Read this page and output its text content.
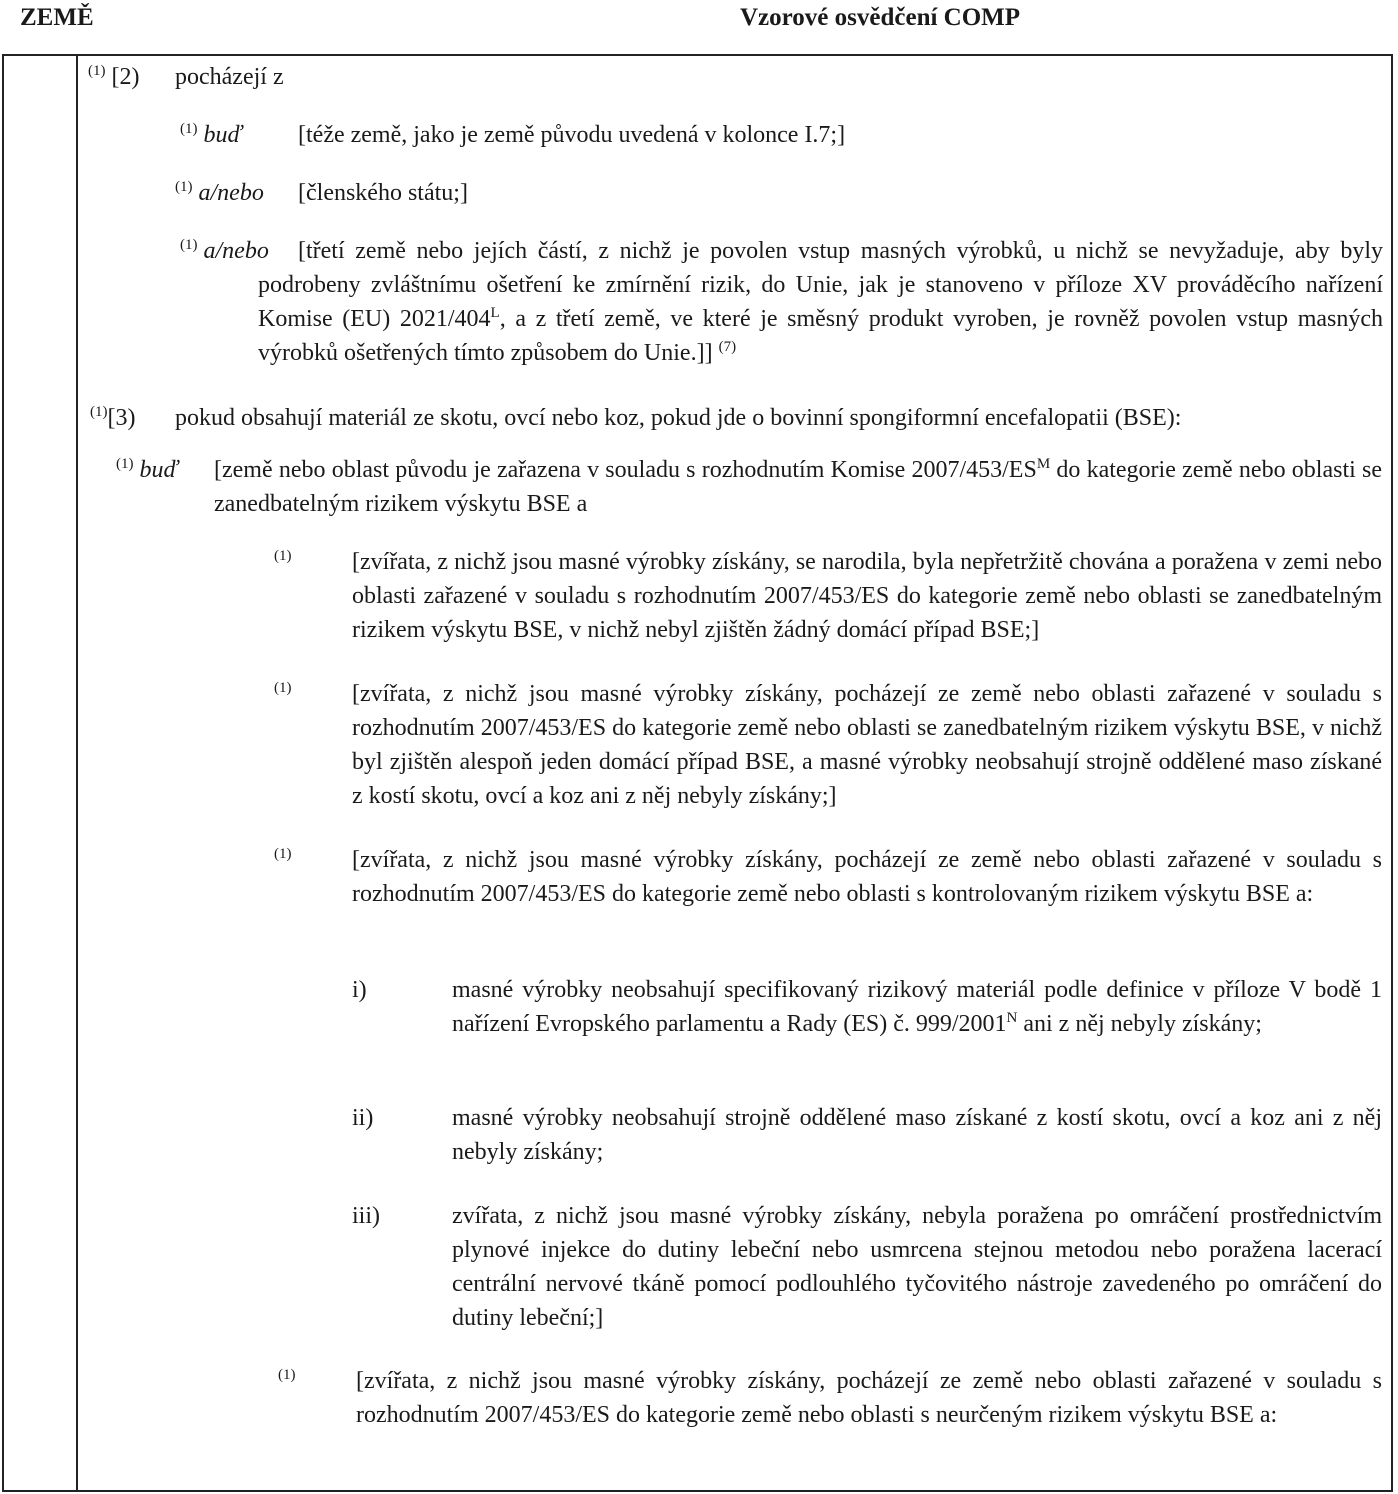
ZEMĚ	Vzorové osvědčení COMP
$^{(1)}$ [2) pocházejí z
$^{(1)}$ buď [téže země, jako je země původu uvedená v kolonce I.7;]
$^{(1)}$ a/nebo [členského státu;]
$^{(1)}$ a/nebo [třetí země nebo jejích částí, z nichž je povolen vstup masných výrobků, u nichž se nevyžaduje, aby byly podrobeny zvláštnímu ošetření ke zmírnění rizik, do Unie, jak je stanoveno v příloze XV prováděcího nařízení Komise (EU) 2021/404$^L$, a z třetí země, ve které je směsný produkt vyroben, je rovněž povolen vstup masných výrobků ošetřených tímto způsobem do Unie.]] $^{(7)}$
$^{(1)}$[3) pokud obsahují materiál ze skotu, ovcí nebo koz, pokud jde o bovinní spongiformní encefalopatii (BSE):
$^{(1)}$ buď [země nebo oblast původu je zařazena v souladu s rozhodnutím Komise 2007/453/ES$^M$ do kategorie země nebo oblasti se zanedbatelným rizikem výskytu BSE a
$^{(1)}$	[zvířata, z nichž jsou masné výrobky získány, se narodila, byla nepřetržitě chována a poražena v zemi nebo oblasti zařazené v souladu s rozhodnutím 2007/453/ES do kategorie země nebo oblasti se zanedbatelným rizikem výskytu BSE, v nichž nebyl zjištěn žádný domácí případ BSE;]
$^{(1)}$	[zvířata, z nichž jsou masné výrobky získány, pocházejí ze země nebo oblasti zařazené v souladu s rozhodnutím 2007/453/ES do kategorie země nebo oblasti se zanedbatelným rizikem výskytu BSE, v nichž byl zjištěn alespoň jeden domácí případ BSE, a masné výrobky neobsahují strojně oddělené maso získané z kostí skotu, ovcí a koz ani z něj nebyly získány;]
$^{(1)}$	[zvířata, z nichž jsou masné výrobky získány, pocházejí ze země nebo oblasti zařazené v souladu s rozhodnutím 2007/453/ES do kategorie země nebo oblasti s kontrolovaným rizikem výskytu BSE a:
i)	masné výrobky neobsahují specifikovaný rizikový materiál podle definice v příloze V bodě 1 nařízení Evropského parlamentu a Rady (ES) č. 999/2001$^N$ ani z něj nebyly získány;
ii)	masné výrobky neobsahují strojně oddělené maso získané z kostí skotu, ovcí a koz ani z něj nebyly získány;
iii)	zvířata, z nichž jsou masné výrobky získány, nebyla poražena po omráčení prostřednictvím plynové injekce do dutiny lebeční nebo usmrcena stejnou metodou nebo poražena lacerací centrální nervové tkáně pomocí podlouhlého tyčovitého nástroje zavedeného po omráčení do dutiny lebeční;]
$^{(1)}$	[zvířata, z nichž jsou masné výrobky získány, pocházejí ze země nebo oblasti zařazené v souladu s rozhodnutím 2007/453/ES do kategorie země nebo oblasti s neurčeným rizikem výskytu BSE a:
